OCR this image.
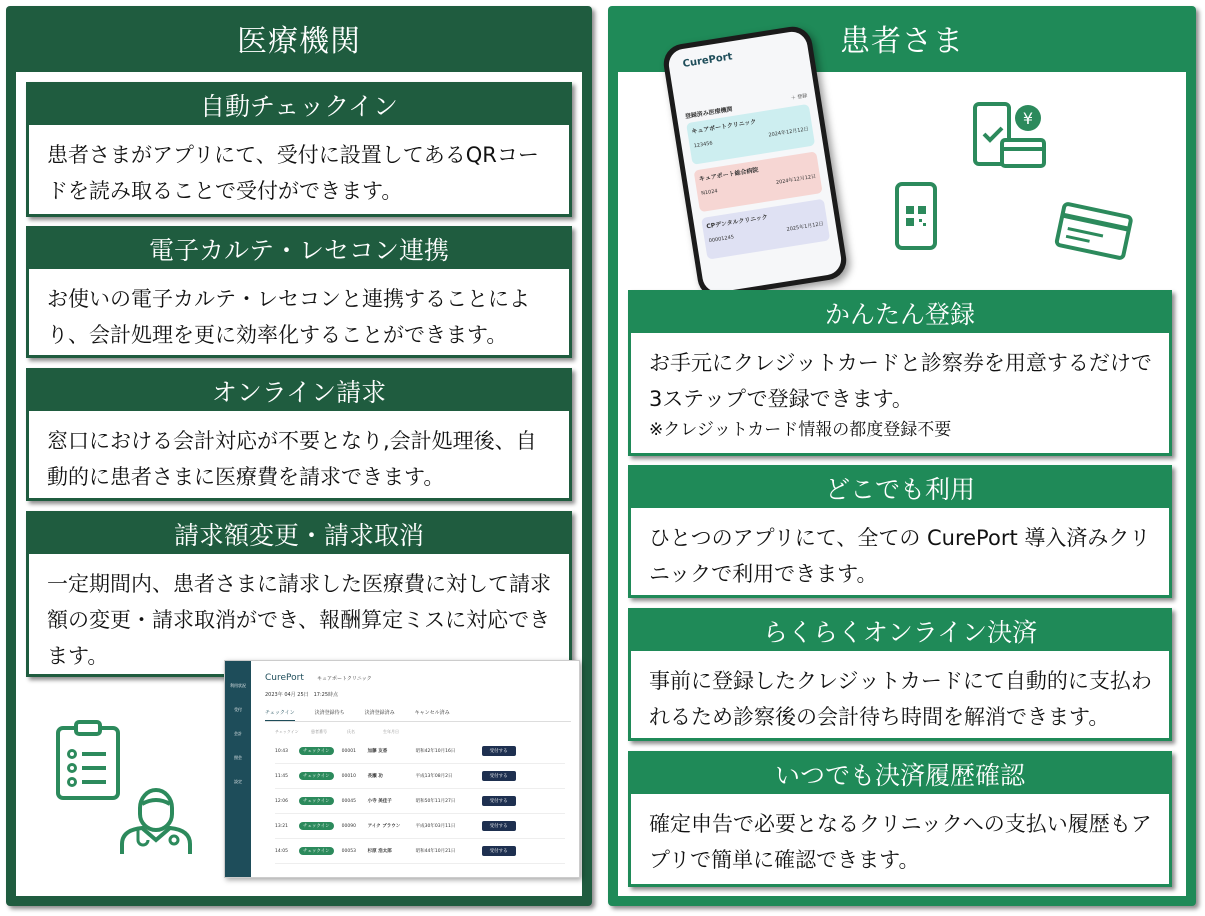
医療機関
自動チェックイン
患者さまがアプリにて、受付に設置してあるQRコードを読み取ることで受付ができます。
電子カルテ・レセコン連携
お使いの電子カルテ・レセコンと連携することにより、会計処理を更に効率化することができます。
オンライン請求
窓口における会計対応が不要となり,会計処理後、自動的に患者さまに医療費を請求できます。
請求額変更・請求取消
一定期間内、患者さまに請求した医療費に対して請求額の変更・請求取消ができ、報酬算定ミスに対応できます。
利用状況
受付
会計
照会
設定
CurePort	キュアポートクリニック
2023年 04月 25日　17:25時点
チェックイン	決済登録待ち	決済登録済み	キャンセル済み
チェックイン	患者番号	氏名	生年月日
10:43	チェックイン	00001	加藤 友香	昭和42年10月16日	受付する
11:45	チェックイン	00010	長瀬 功	平成13年08月2日	受付する
12:06	チェックイン	00045	小寺 美佳子	昭和50年11月27日	受付する
13:21	チェックイン	00090	アイク ブラウン	平成30年03月11日	受付する
14:05	チェックイン	00053	杉原 浩太郎	昭和44年10月21日	受付する
患者さま
CurePort
登録済み医療機関
＋ 登録
キュアポートクリニック
123456
2024年12月12日
キュアポート総合病院
N1024
2024年12月12日
CPデンタルクリニック
00001245
2025年1月12日
¥
かんたん登録
お手元にクレジットカードと診察券を用意するだけで3ステップで登録できます。
※クレジットカード情報の都度登録不要
どこでも利用
ひとつのアプリにて、全ての CurePort 導入済みクリニックで利用できます。
らくらくオンライン決済
事前に登録したクレジットカードにて自動的に支払われるため診察後の会計待ち時間を解消できます。
いつでも決済履歴確認
確定申告で必要となるクリニックへの支払い履歴もアプリで簡単に確認できます。
